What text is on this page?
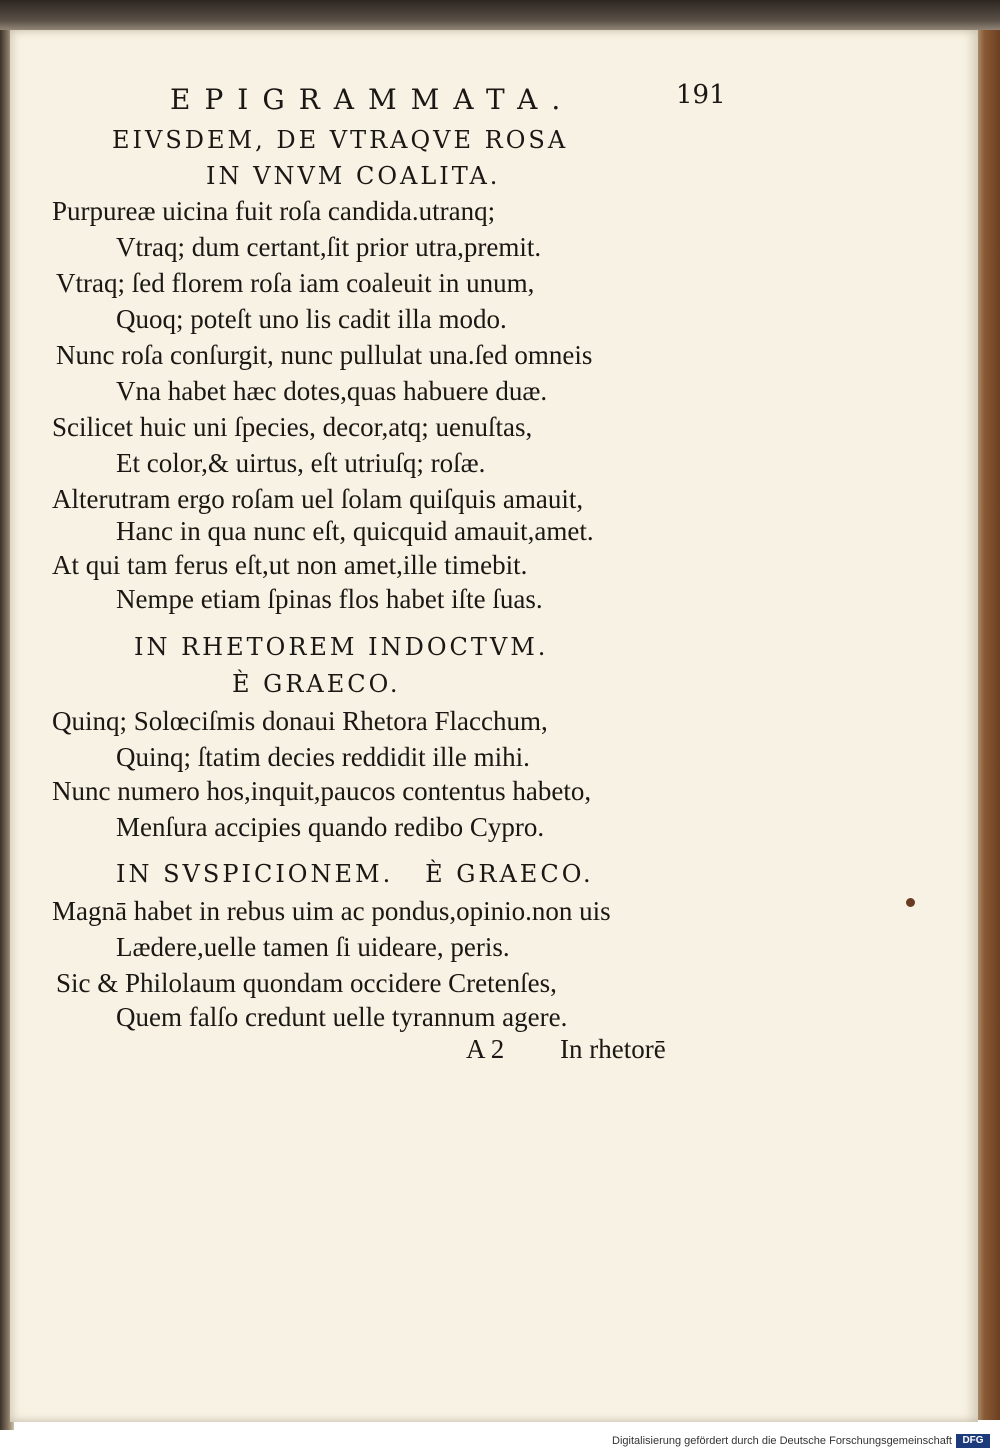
EPIGRAMMATA.	191
EIVSDEM, DE VTRAQVE ROSA
IN VNVM COALITA.
Purpureæ uicina fuit roſa candida.utranq;
Vtraq; dum certant,ſit prior utra,premit.
Vtraq; ſed florem roſa iam coaleuit in unum,
Quoq; poteſt uno lis cadit illa modo.
Nunc roſa conſurgit, nunc pullulat una.ſed omneis
Vna habet hæc dotes,quas habuere duæ.
Scilicet huic uni ſpecies, decor,atq; uenuſtas,
Et color,& uirtus, eſt utriuſq; roſæ.
Alterutram ergo roſam uel ſolam quiſquis amauit,
Hanc in qua nunc eſt, quicquid amauit,amet.
At qui tam ferus eſt,ut non amet,ille timebit.
Nempe etiam ſpinas flos habet iſte ſuas.
IN RHETOREM INDOCTVM.
È GRAECO.
Quinq; Solœciſmis donaui Rhetora Flacchum,
Quinq; ſtatim decies reddidit ille mihi.
Nunc numero hos,inquit,paucos contentus habeto,
Menſura accipies quando redibo Cypro.
IN SVSPICIONEM.   È GRAECO.
Magnā habet in rebus uim ac pondus,opinio.non uis
Lædere,uelle tamen ſi uideare, peris.
Sic & Philolaum quondam occidere Cretenſes,
Quem falſo credunt uelle tyrannum agere.
A 2 In rhetorē
Digitalisierung gefördert durch die Deutsche Forschungsgemeinschaft	DFG
